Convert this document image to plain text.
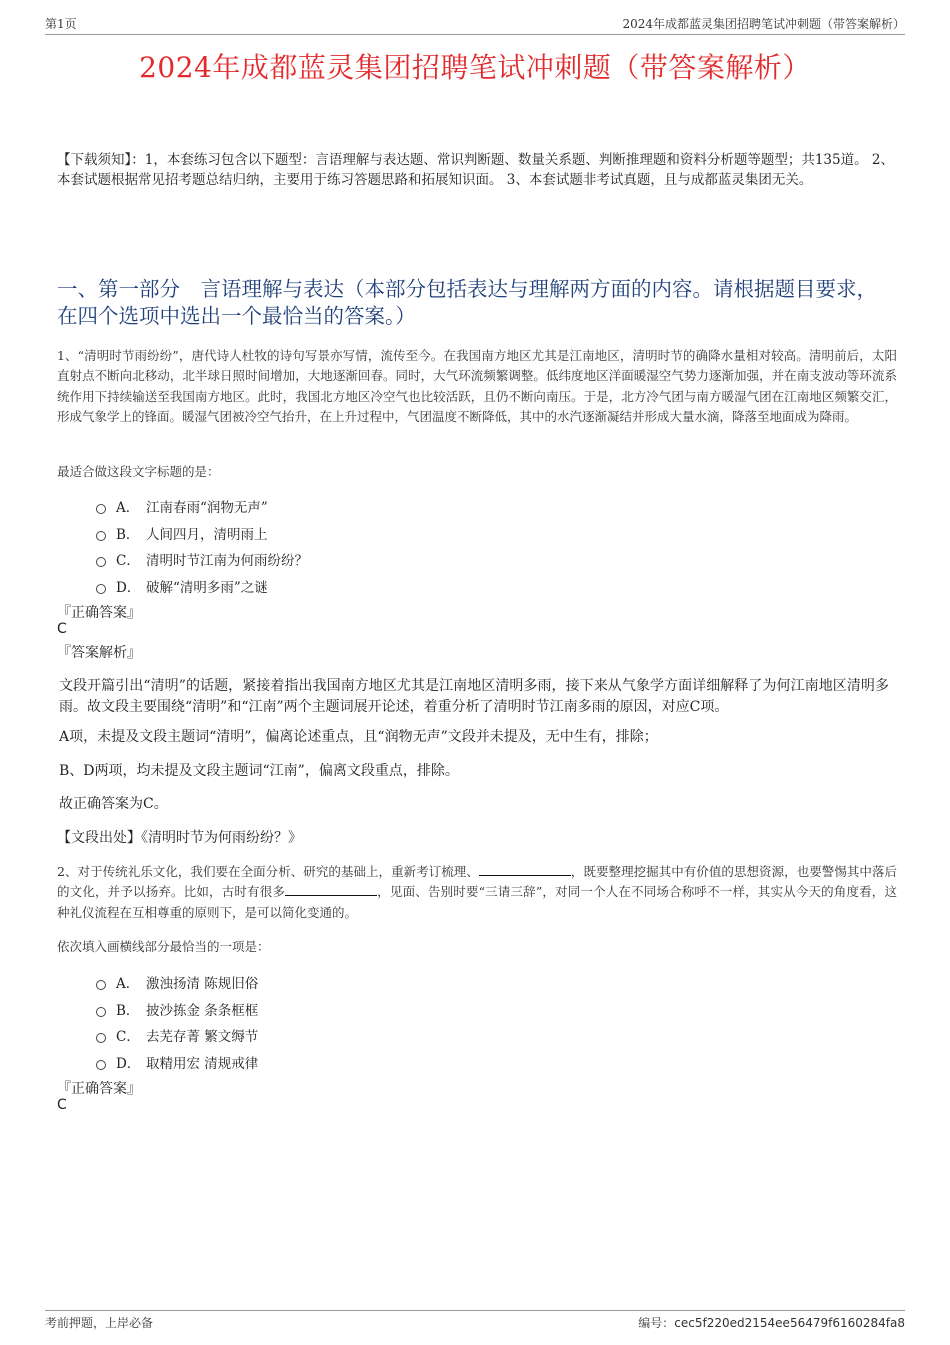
第1页	2024年成都蓝灵集团招聘笔试冲刺题（带答案解析）
2024年成都蓝灵集团招聘笔试冲刺题（带答案解析）
【下载须知】：1，本套练习包含以下题型：言语理解与表达题、常识判断题、数量关系题、判断推理题和资料分析题等题型；共135道。 2、本套试题根据常见招考题总结归纳，主要用于练习答题思路和拓展知识面。 3、本套试题非考试真题，且与成都蓝灵集团无关。
一、第一部分　言语理解与表达（本部分包括表达与理解两方面的内容。请根据题目要求，在四个选项中选出一个最恰当的答案。）
1、“清明时节雨纷纷”，唐代诗人杜牧的诗句写景亦写情，流传至今。在我国南方地区尤其是江南地区，清明时节的确降水量相对较高。清明前后，太阳直射点不断向北移动，北半球日照时间增加，大地逐渐回春。同时，大气环流频繁调整。低纬度地区洋面暖湿空气势力逐渐加强，并在南支波动等环流系统作用下持续输送至我国南方地区。此时，我国北方地区冷空气也比较活跃，且仍不断向南压。于是，北方冷气团与南方暖湿气团在江南地区频繁交汇，形成气象学上的锋面。暖湿气团被冷空气抬升，在上升过程中，气团温度不断降低，其中的水汽逐渐凝结并形成大量水滴，降落至地面成为降雨。
最适合做这段文字标题的是：
A． 江南春雨“润物无声”
B． 人间四月，清明雨上
C． 清明时节江南为何雨纷纷？
D． 破解“清明多雨”之谜
『正确答案』
C
『答案解析』
文段开篇引出“清明”的话题，紧接着指出我国南方地区尤其是江南地区清明多雨，接下来从气象学方面详细解释了为何江南地区清明多雨。故文段主要围绕“清明”和“江南”两个主题词展开论述，着重分析了清明时节江南多雨的原因，对应C项。
A项，未提及文段主题词“清明”，偏离论述重点，且“润物无声”文段并未提及，无中生有，排除；
B、D两项，均未提及文段主题词“江南”，偏离文段重点，排除。
故正确答案为C。
【文段出处】《清明时节为何雨纷纷？》
2、对于传统礼乐文化，我们要在全面分析、研究的基础上，重新考订梳理、	，既要整理挖掘其中有价值的思想资源，也要警惕其中落后的文化，并予以扬弃。比如，古时有很多	，见面、告别时要“三请三辞”，对同一个人在不同场合称呼不一样，其实从今天的角度看，这种礼仪流程在互相尊重的原则下，是可以简化变通的。
依次填入画横线部分最恰当的一项是：
A． 激浊扬清 陈规旧俗
B． 披沙拣金 条条框框
C． 去芜存菁 繁文缛节
D． 取精用宏 清规戒律
『正确答案』
C
考前押题，上岸必备	编号：cec5f220ed2154ee56479f6160284fa8
